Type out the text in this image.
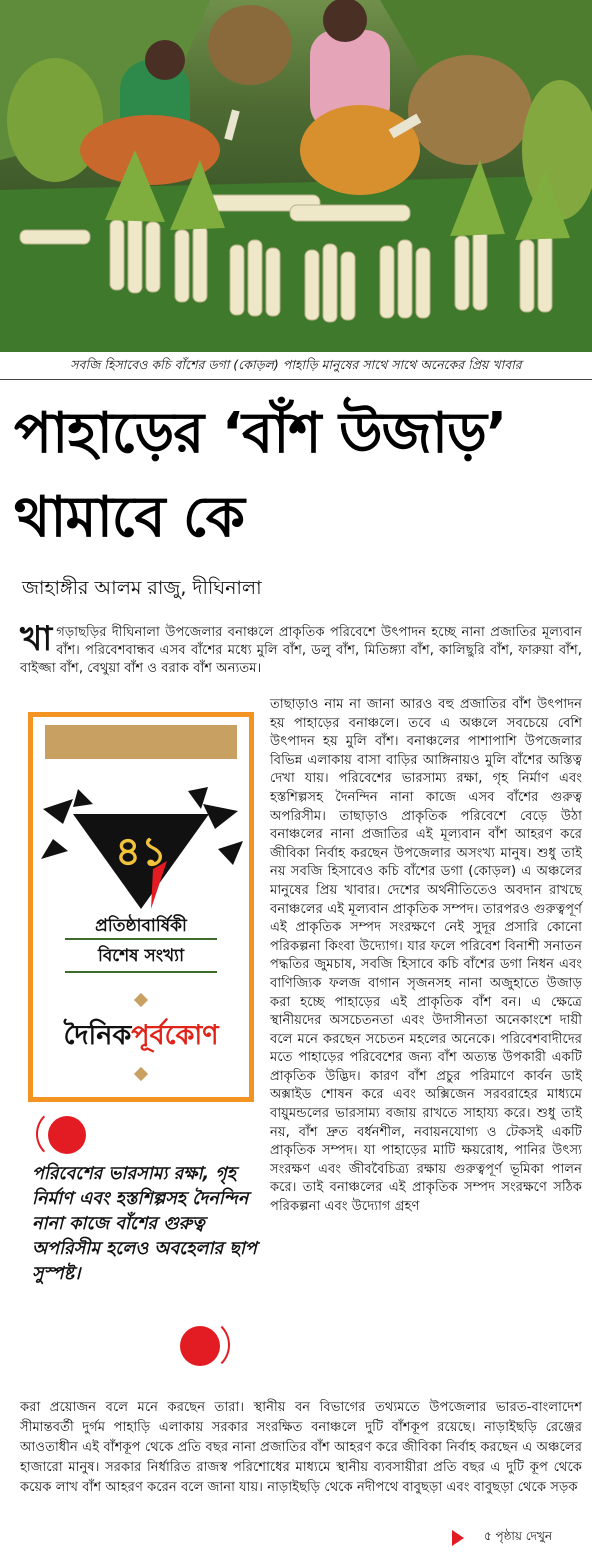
সবজি হিসাবেও কচি বাঁশের ডগা (কোড়ল) পাহাড়ি মানুষের সাথে সাথে অনেকের প্রিয় খাবার
পাহাড়ের ‘বাঁশ উজাড়’
থামাবে কে
জাহাঙ্গীর আলম রাজু, দীঘিনালা

খাগড়াছড়ির দীঘিনালা উপজেলার বনাঞ্চলে প্রাকৃতিক পরিবেশে উৎপাদন হচ্ছে নানা প্রজাতির মূল্যবান বাঁশ। পরিবেশবান্ধব এসব বাঁশের মধ্যে মুলি বাঁশ, ডলু বাঁশ, মিতিঙ্গ্যা বাঁশ, কালিছুরি বাঁশ, ফারুয়া বাঁশ, বাইজ্জা বাঁশ, বেথুয়া বাঁশ ও বরাক বাঁশ অন্যতম।

তাছাড়াও নাম না জানা আরও বহু প্রজাতির বাঁশ উৎপাদন হয় পাহাড়ের বনাঞ্চলে। তবে এ অঞ্চলে সবচেয়ে বেশি উৎপাদন হয় মুলি বাঁশ। বনাঞ্চলের পাশাপাশি উপজেলার বিভিন্ন এলাকায় বাসা বাড়ির আঙ্গিনায়ও মুলি বাঁশের অস্তিত্ব দেখা যায়। পরিবেশের ভারসাম্য রক্ষা, গৃহ নির্মাণ এবং হস্তশিল্পসহ দৈনন্দিন নানা কাজে এসব বাঁশের গুরুত্ব অপরিসীম। তাছাড়াও প্রাকৃতিক পরিবেশে বেড়ে উঠা বনাঞ্চলের নানা প্রজাতির এই মূল্যবান বাঁশ আহরণ করে জীবিকা নির্বাহ করছেন উপজেলার অসংখ্য মানুষ। শুধু তাই নয় সবজি হিসাবেও কচি বাঁশের ডগা (কোড়ল) এ অঞ্চলের মানুষের প্রিয় খাবার। দেশের অর্থনীতিতেও অবদান রাখছে বনাঞ্চলের এই মূল্যবান প্রাকৃতিক সম্পদ। তারপরও গুরুত্বপূর্ণ এই প্রাকৃতিক সম্পদ সংরক্ষণে নেই সুদূর প্রসারি কোনো পরিকল্পনা কিংবা উদ্যোগ। যার ফলে পরিবেশ বিনাশী সনাতন পদ্ধতির জুমচাষ, সবজি হিসাবে কচি বাঁশের ডগা নিধন এবং বাণিজ্যিক ফলজ বাগান সৃজনসহ নানা অজুহাতে উজাড় করা হচ্ছে পাহাড়ের এই প্রাকৃতিক বাঁশ বন। এ ক্ষেত্রে স্থানীয়দের অসচেতনতা এবং উদাসীনতা অনেকাংশে দায়ী বলে মনে করছেন সচেতন মহলের অনেকে। পরিবেশবাদীদের মতে পাহাড়ের পরিবেশের জন্য বাঁশ অত্যন্ত উপকারী একটি প্রাকৃতিক উদ্ভিদ। কারণ বাঁশ প্রচুর পরিমাণে কার্বন ডাই অক্সাইড শোষন করে এবং অক্সিজেন সরবরাহের মাধ্যমে বায়ুমন্ডলের ভারসাম্য বজায় রাখতে সাহায্য করে। শুধু তাই নয়, বাঁশ দ্রুত বর্ধনশীল, নবায়নযোগ্য ও টেকসই একটি প্রাকৃতিক সম্পদ। যা পাহাড়ের মাটি ক্ষয়রোধ, পানির উৎস্য সংরক্ষণ এবং জীববৈচিত্র্য রক্ষায় গুরুত্বপূর্ণ ভূমিকা পালন করে। তাই বনাঞ্চলের এই প্রাকৃতিক সম্পদ সংরক্ষণে সঠিক পরিকল্পনা এবং উদ্যোগ গ্রহণ

৪১
প্রতিষ্ঠাবার্ষিকী
বিশেষ সংখ্যা
দৈনিকপূর্বকোণ

পরিবেশের ভারসাম্য রক্ষা, গৃহ নির্মাণ এবং হস্তশিল্পসহ দৈনন্দিন নানা কাজে বাঁশের গুরুত্ব অপরিসীম হলেও অবহেলার ছাপ সুস্পষ্ট।

করা প্রয়োজন বলে মনে করছেন তারা। স্থানীয় বন বিভাগের তথ্যমতে উপজেলার ভারত-বাংলাদেশ সীমান্তবর্তী দুর্গম পাহাড়ি এলাকায় সরকার সংরক্ষিত বনাঞ্চলে দুটি বাঁশকূপ রয়েছে। নাড়াইছড়ি রেঞ্জের আওতাধীন এই বাঁশকূপ থেকে প্রতি বছর নানা প্রজাতির বাঁশ আহরণ করে জীবিকা নির্বাহ করছেন এ অঞ্চলের হাজারো মানুষ। সরকার নির্ধারিত রাজস্ব পরিশোধের মাধ্যমে স্থানীয় ব্যবসায়ীরা প্রতি বছর এ দুটি কূপ থেকে কয়েক লাখ বাঁশ আহরণ করেন বলে জানা যায়। নাড়াইছড়ি থেকে নদীপথে বাবুছড়া এবং বাবুছড়া থেকে সড়ক

৫ পৃষ্ঠায় দেখুন
